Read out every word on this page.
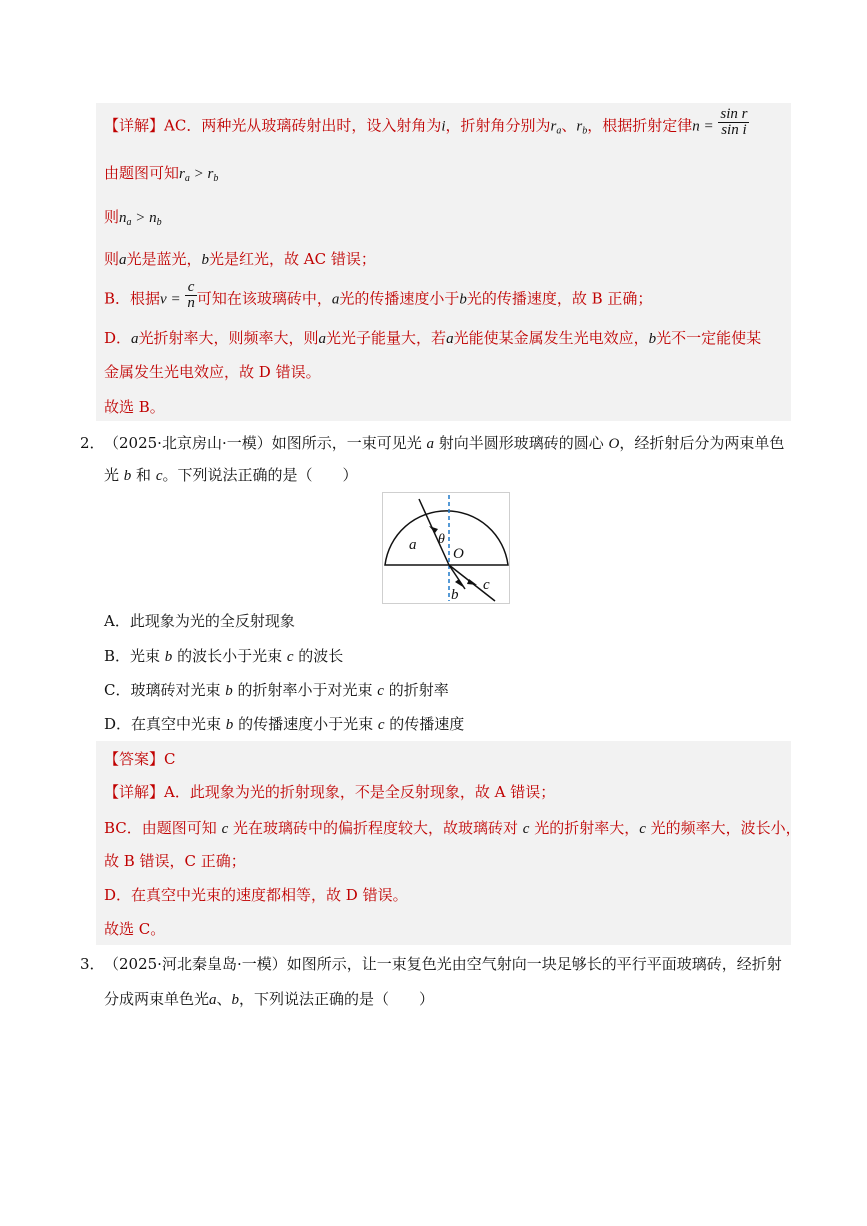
【详解】AC．两种光从玻璃砖射出时，设入射角为i，折射角分别为$r_a$、$r_b$，根据折射定律$n = \frac{\text{sin r}}{\text{sin i}}$
由题图可知$r_a > r_b$
则$n_a > n_b$
则a光是蓝光，b光是红光，故 AC 错误；
B．根据$v = \frac{c}{n}$ 可知在该玻璃砖中，a光的传播速度小于b光的传播速度，故 B 正确；
D．a光折射率大，则频率大，则a光光子能量大，若a光能使某金属发生光电效应，b光不一定能使某
金属发生光电效应，故 D 错误。
故选 B。
2． （2025·北京房山·一模）如图所示，一束可见光 a 射向半圆形玻璃砖的圆心 O，经折射后分为两束单色
光 b 和 c。下列说法正确的是（　　）
a θ
O
b
c
A．此现象为光的全反射现象
B．光束 b 的波长小于光束 c 的波长
C．玻璃砖对光束 b 的折射率小于对光束 c 的折射率
D．在真空中光束 b 的传播速度小于光束 c 的传播速度
【答案】C
【详解】A．此现象为光的折射现象，不是全反射现象，故 A 错误；
BC．由题图可知 c 光在玻璃砖中的偏折程度较大，故玻璃砖对 c 光的折射率大，c 光的频率大，波长小，
故 B 错误，C 正确；
D．在真空中光束的速度都相等，故 D 错误。
故选 C。
3． （2025·河北秦皇岛·一模）如图所示，让一束复色光由空气射向一块足够长的平行平面玻璃砖，经折射
分成两束单色光a、b，下列说法正确的是（　　）
